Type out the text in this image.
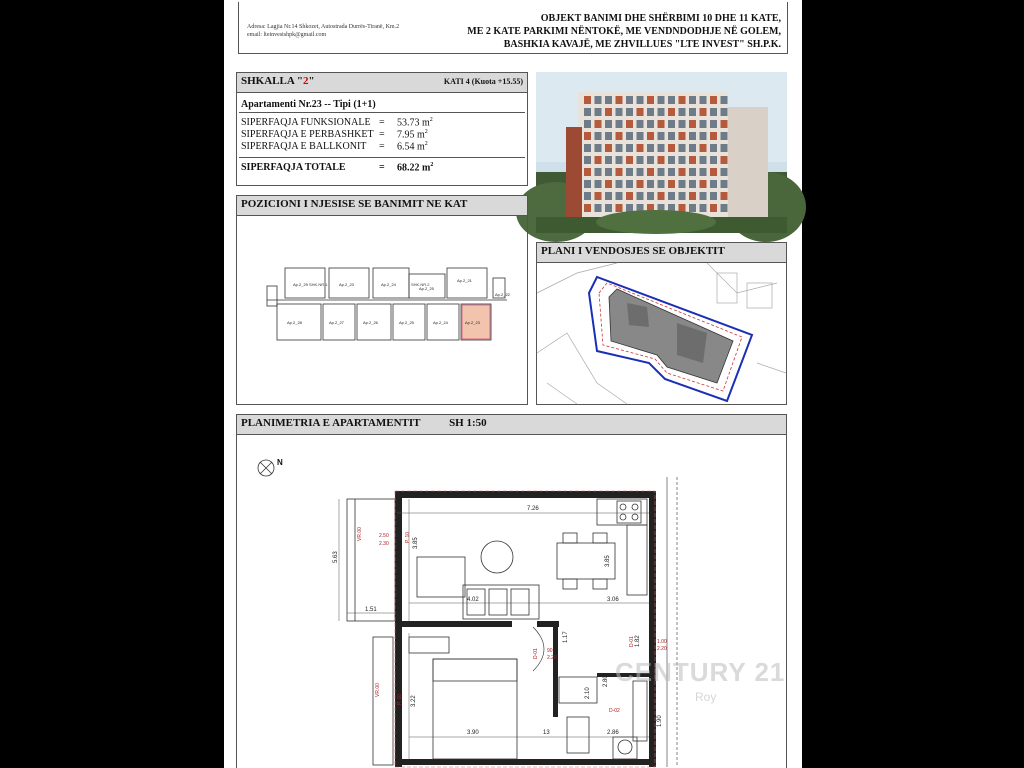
Adresa: Lagjia Nr.14 Shkozet, Autostrada Durrës-Tiranë, Km.2
email: lteinvestshpk@gmail.com
OBJEKT BANIMI DHE SHËRBIMI 10 DHE 11 KATE,
ME 2 KATE PARKIMI NËNTOKË, ME VENDNDODHJE NË GOLEM,
BASHKIA KAVAJË, ME ZHVILLUES "LTE INVEST" SH.P.K.
SHKALLA "2"	KATI 4 (Kuota +15.55)
Apartamenti Nr.23 -- Tipi (1+1)
SIPERFAQJA FUNKSIONALE = 53.73 $m^2$
SIPERFAQJA E PERBASHKET = 7.95 $m^2$
SIPERFAQJA E BALLKONIT = 6.54 $m^2$
SIPERFAQJA TOTALE	= 68.22 $m^2$
POZICIONI I NJESISE SE BANIMIT NE KAT
Ap.2_29	Ap.2_23	Ap.2_24
Ap.2_25
Ap.2_21
Ap.2_22
Ap.2_28	Ap.2_27	Ap.2_26	Ap.2_25	Ap.2_24	Ap.2_23
SHK.NR.1	SHK.NR.2
PLANI I VENDOSJES SE OBJEKTIT
PLANIMETRIA E APARTAMENTIT	SH 1:50
N
7.26
5.63
3.85
3.85
1.51
4.02	3.06
1.17
3.90	2.86
3.22
13
2.10
2.80
1.82
1.90
VR.00	2.50
2.30
P. 10
VR.00
P. 10
D-01 90
2.20
D-01	1.00
2.20
D-02
CENTURY 21
Roy
